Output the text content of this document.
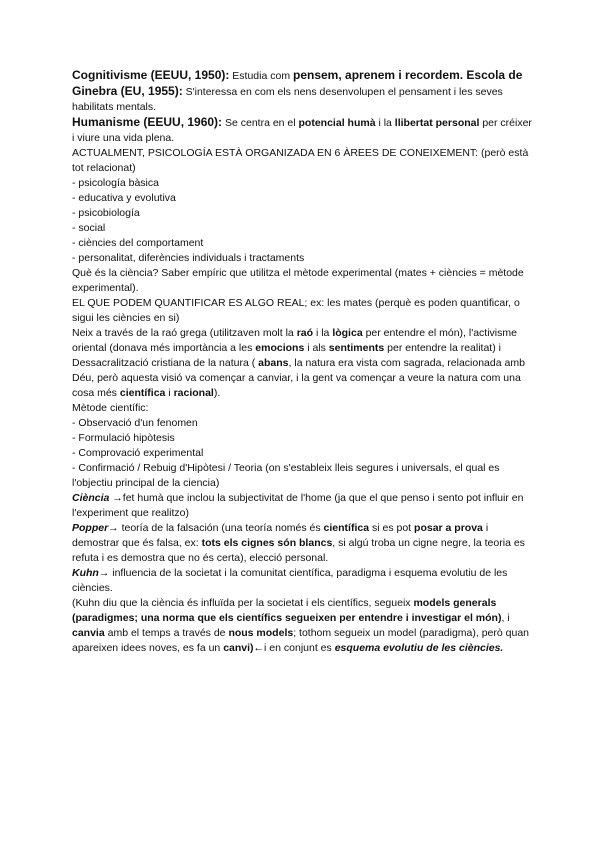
Cognitivisme (EEUU, 1950): Estudia com pensem, aprenem i recordem. Escola de Ginebra (EU, 1955): S'interessa en com els nens desenvolupen el pensament i les seves habilitats mentals.

Humanisme (EEUU, 1960): Se centra en el potencial humà i la llibertat personal per créixer i viure una vida plena.

ACTUALMENT, PSICOLOGÍA ESTÀ ORGANIZADA EN 6 ÀREES DE CONEIXEMENT: (però està tot relacionat)

- psicología bàsica

- educativa y evolutiva

- psicobiología

- social

- ciències del comportament

- personalitat, diferències individuals i tractaments

Què és la ciència? Saber empíric que utilitza el mètode experimental (mates + ciències = mètode experimental).

EL QUE PODEM QUANTIFICAR ES ALGO REAL; ex: les mates (perquè es poden quantificar, o sigui les ciències en si)

Neix a través de la raó grega (utilitzaven molt la raó i la lògica per entendre el món), l'activisme oriental (donava més importància a les emocions i als sentiments per entendre la realitat) i Dessacralització cristiana de la natura ( abans, la natura era vista com sagrada, relacionada amb Déu, però aquesta visió va començar a canviar, i la gent va començar a veure la natura com una cosa més científica i racional).

Mètode científic:

- Observació d'un fenomen

- Formulació hipòtesis

- Comprovació experimental

- Confirmació / Rebuig d'Hipòtesi / Teoria (on s'estableix lleis segures i universals, el qual es l'objectiu principal de la ciencia)

Ciència →fet humà que inclou la subjectivitat de l'home (ja que el que penso i sento pot influir en l'experiment que realitzo)

Popper→ teoría de la falsación (una teoría només és científica si es pot posar a prova i demostrar que és falsa, ex: tots els cignes són blancs, si algú troba un cigne negre, la teoria es refuta i es demostra que no és certa), elecció personal.

Kuhn→ influencia de la societat i la comunitat científica, paradigma i esquema evolutiu de les ciències.

(Kuhn diu que la ciència és influïda per la societat i els científics, segueix models generals (paradigmes; una norma que els científics segueixen per entendre i investigar el món), i canvia amb el temps a través de nous models; tothom segueix un model (paradigma), però quan apareixen idees noves, es fa un canvi)←i en conjunt es esquema evolutiu de les ciències.
